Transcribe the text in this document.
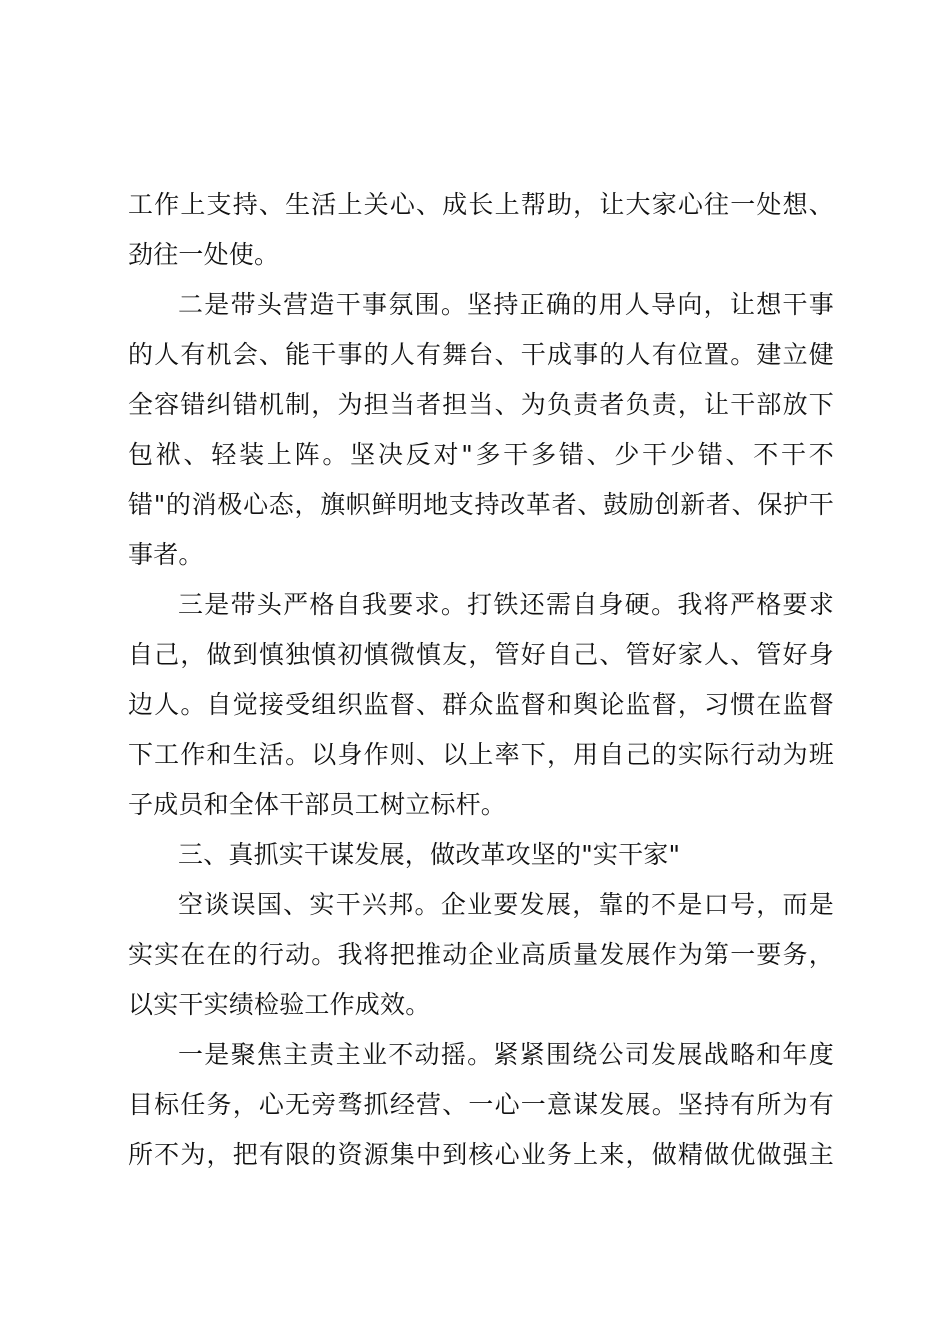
工作上支持、生活上关心、成长上帮助，让大家心往一处想、
劲往一处使。
二是带头营造干事氛围。坚持正确的用人导向，让想干事
的人有机会、能干事的人有舞台、干成事的人有位置。建立健
全容错纠错机制，为担当者担当、为负责者负责，让干部放下
包袱、轻装上阵。坚决反对"多干多错、少干少错、不干不
错"的消极心态，旗帜鲜明地支持改革者、鼓励创新者、保护干
事者。
三是带头严格自我要求。打铁还需自身硬。我将严格要求
自己，做到慎独慎初慎微慎友，管好自己、管好家人、管好身
边人。自觉接受组织监督、群众监督和舆论监督，习惯在监督
下工作和生活。以身作则、以上率下，用自己的实际行动为班
子成员和全体干部员工树立标杆。
三、真抓实干谋发展，做改革攻坚的"实干家"
空谈误国、实干兴邦。企业要发展，靠的不是口号，而是
实实在在的行动。我将把推动企业高质量发展作为第一要务，
以实干实绩检验工作成效。
一是聚焦主责主业不动摇。紧紧围绕公司发展战略和年度
目标任务，心无旁骛抓经营、一心一意谋发展。坚持有所为有
所不为，把有限的资源集中到核心业务上来，做精做优做强主
